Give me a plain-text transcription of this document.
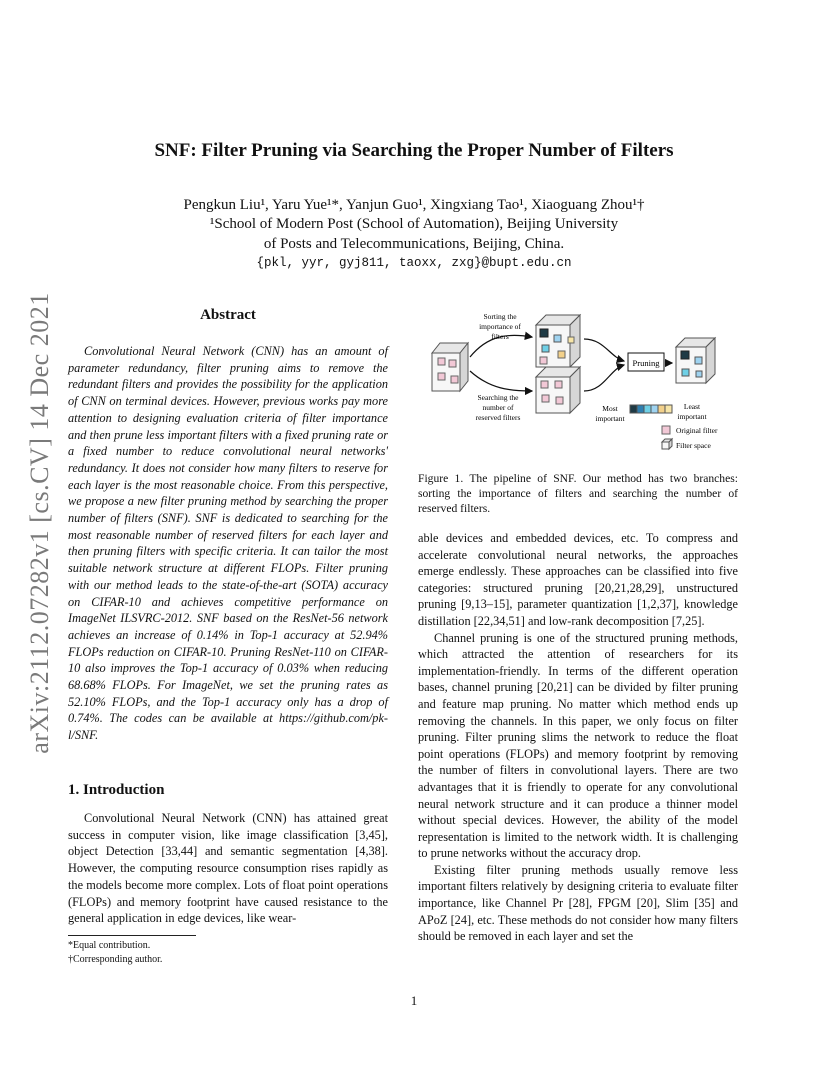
arXiv:2112.07282v1 [cs.CV] 14 Dec 2021
SNF: Filter Pruning via Searching the Proper Number of Filters
Pengkun Liu¹, Yaru Yue¹*, Yanjun Guo¹, Xingxiang Tao¹, Xiaoguang Zhou¹†
¹School of Modern Post (School of Automation), Beijing University
of Posts and Telecommunications, Beijing, China.
{pkl, yyr, gyj811, taoxx, zxg}@bupt.edu.cn
Abstract
Convolutional Neural Network (CNN) has an amount of parameter redundancy, filter pruning aims to remove the redundant filters and provides the possibility for the application of CNN on terminal devices. However, previous works pay more attention to designing evaluation criteria of filter importance and then prune less important filters with a fixed pruning rate or a fixed number to reduce convolutional neural networks' redundancy. It does not consider how many filters to reserve for each layer is the most reasonable choice. From this perspective, we propose a new filter pruning method by searching the proper number of filters (SNF). SNF is dedicated to searching for the most reasonable number of reserved filters for each layer and then pruning filters with specific criteria. It can tailor the most suitable network structure at different FLOPs. Filter pruning with our method leads to the state-of-the-art (SOTA) accuracy on CIFAR-10 and achieves competitive performance on ImageNet ILSVRC-2012. SNF based on the ResNet-56 network achieves an increase of 0.14% in Top-1 accuracy at 52.94% FLOPs reduction on CIFAR-10. Pruning ResNet-110 on CIFAR-10 also improves the Top-1 accuracy of 0.03% when reducing 68.68% FLOPs. For ImageNet, we set the pruning rates as 52.10% FLOPs, and the Top-1 accuracy only has a drop of 0.74%. The codes can be available at https://github.com/pk-l/SNF.
1. Introduction
Convolutional Neural Network (CNN) has attained great success in computer vision, like image classification [3,45], object Detection [33,44] and semantic segmentation [4,38]. However, the computing resource consumption rises rapidly as the models become more complex. Lots of float point operations (FLOPs) and memory footprint have caused resistance to the general application in edge devices, like wear-
*Equal contribution.
†Corresponding author.
Pruning
Sorting the
importance of
filters
Searching the
number of
reserved filters
Most
important
Least
important
Original filter
Filter space
Figure 1. The pipeline of SNF. Our method has two branches: sorting the importance of filters and searching the number of reserved filters.

able devices and embedded devices, etc. To compress and accelerate convolutional neural networks, the approaches emerge endlessly. These approaches can be classified into five categories: structured pruning [20,21,28,29], unstructured pruning [9,13–15], parameter quantization [1,2,37], knowledge distillation [22,34,51] and low-rank decomposition [7,25].

Channel pruning is one of the structured pruning methods, which attracted the attention of researchers for its implementation-friendly. In terms of the different operation bases, channel pruning [20,21] can be divided by filter pruning and feature map pruning. No matter which method ends up removing the channels. In this paper, we only focus on filter pruning. Filter pruning slims the network to reduce the float point operations (FLOPs) and memory footprint by removing the number of filters in convolutional layers. There are two advantages that it is friendly to operate for any convolutional neural network structure and it can produce a thinner model without special devices. However, the ability of the model representation is limited to the network width. It is challenging to prune networks without the accuracy drop.

Existing filter pruning methods usually remove less important filters relatively by designing criteria to evaluate filter importance, like Channel Pr [28], FPGM [20], Slim [35] and APoZ [24], etc. These methods do not consider how many filters should be removed in each layer and set the

1
